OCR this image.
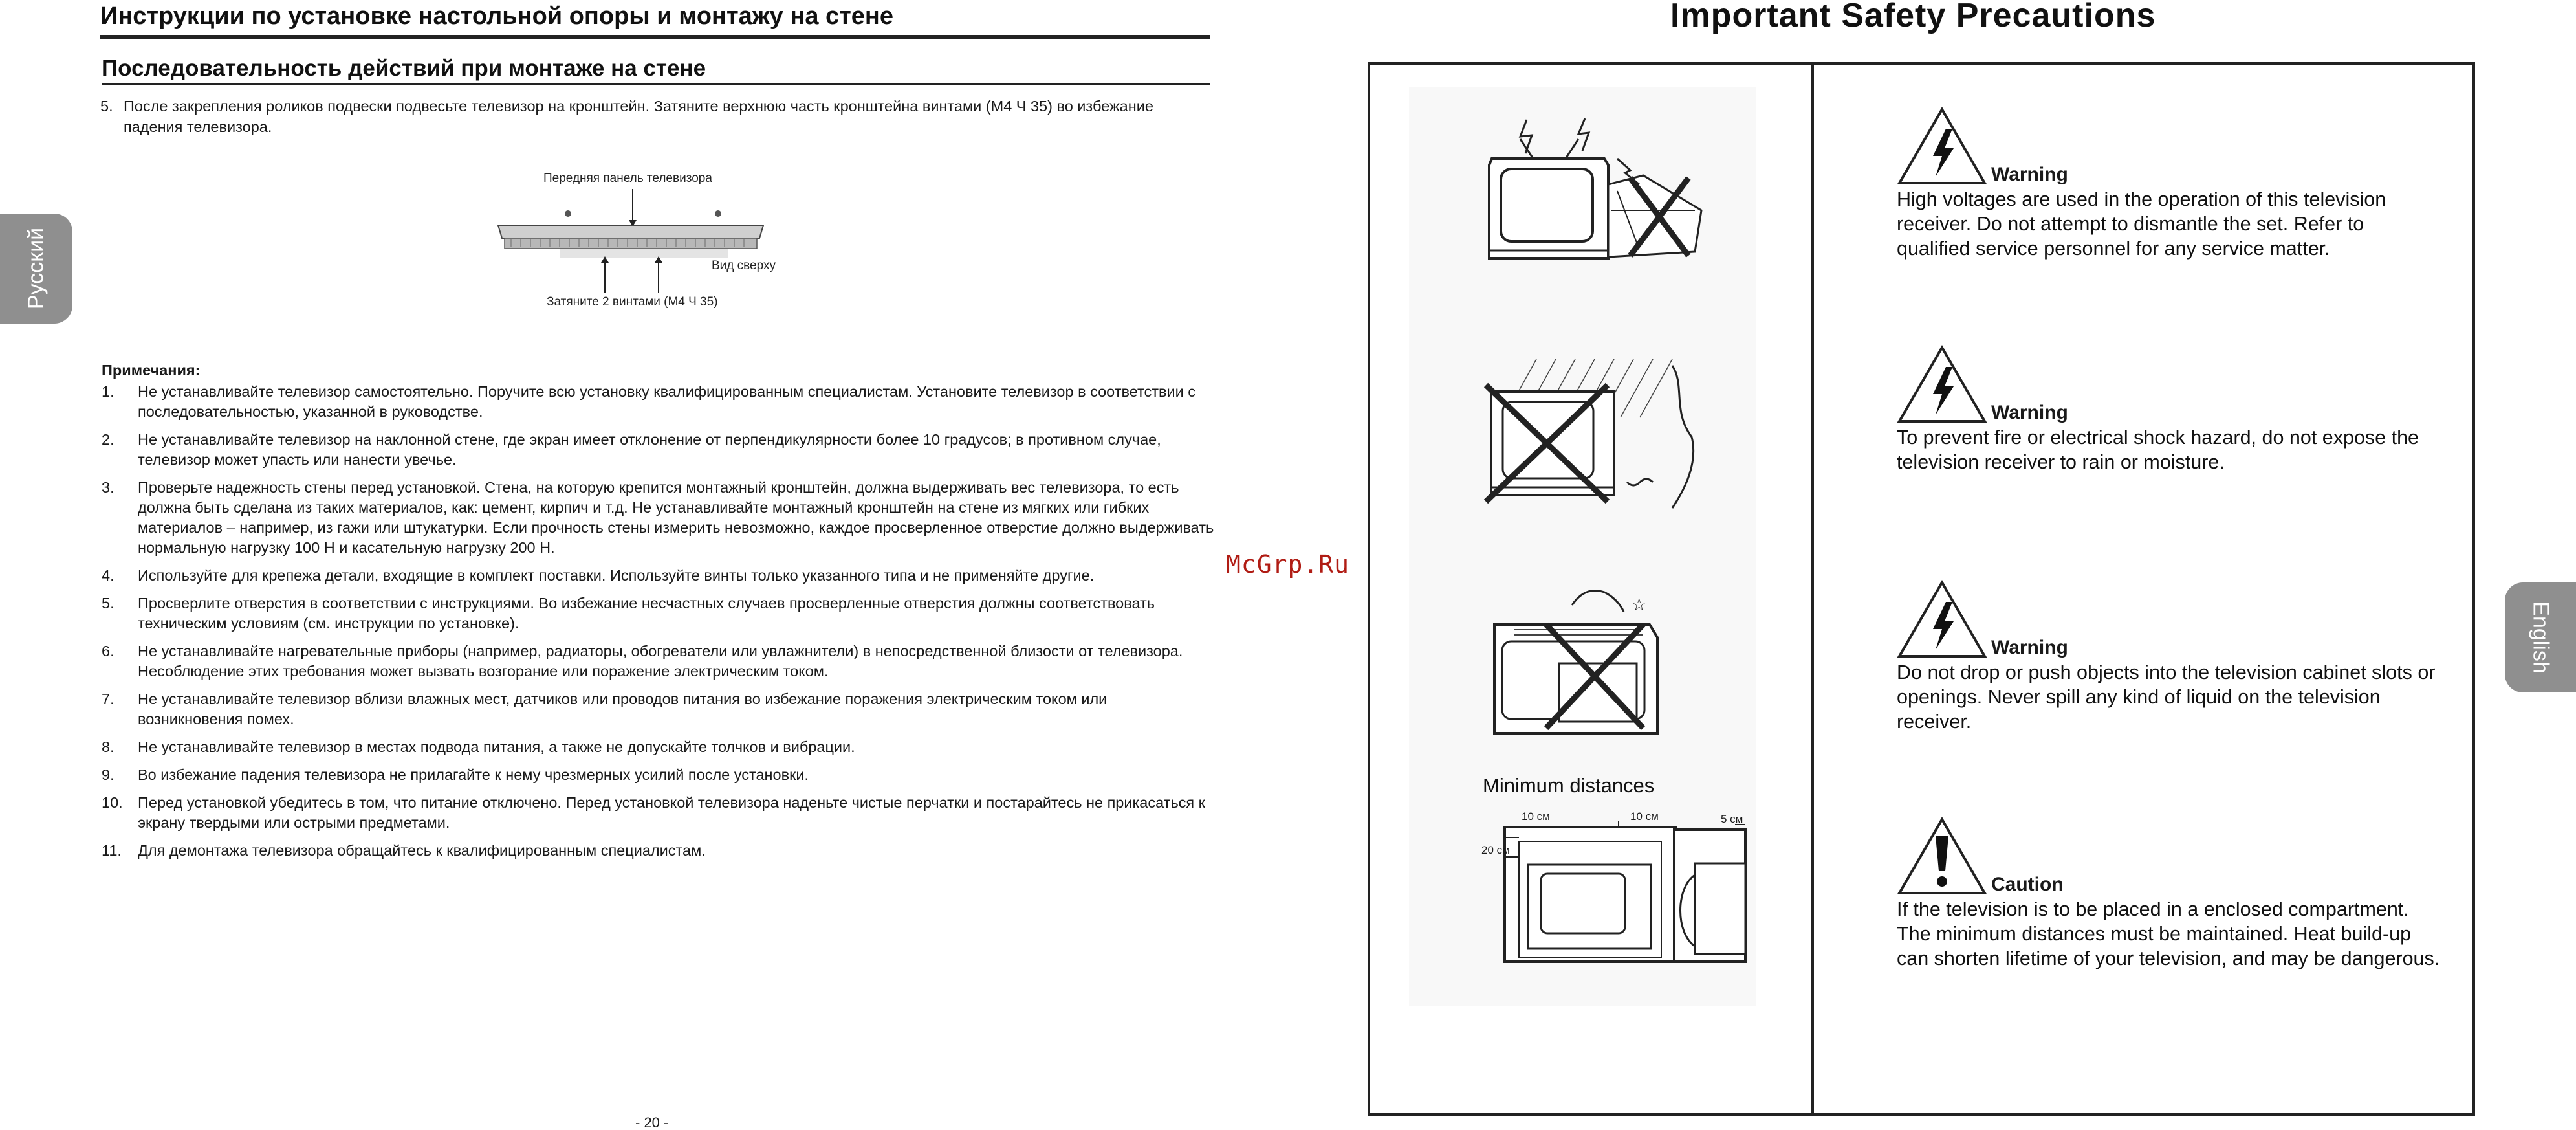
Инструкции по установке настольной опоры и монтажу на стене
Последовательность действий при монтаже на стене
5. После закрепления роликов подвески подвесьте телевизор на кронштейн. Затяните верхнюю часть кронштейна винтами (M4 Ч 35) во избежание падения телевизора.
Передняя панель телевизора
Вид сверху
Затяните 2 винтами (M4 Ч 35)
Примечания:
1. Не устанавливайте телевизор самостоятельно. Поручите всю установку квалифицированным специалистам. Установите телевизор в соответствии с последовательностью, указанной в руководстве.
2. Не устанавливайте телевизор на наклонной стене, где экран имеет отклонение от перпендикулярности более 10 градусов; в противном случае, телевизор может упасть или нанести увечье.
3. Проверьте надежность стены перед установкой. Стена, на которую крепится монтажный кронштейн, должна выдерживать вес телевизора, то есть должна быть сделана из таких материалов, как: цемент, кирпич и т.д. Не устанавливайте монтажный кронштейн на стене из мягких или гибких материалов – например, из гажи или штукатурки. Если прочность стены измерить невозможно, каждое просверленное отверстие должно выдерживать нормальную нагрузку 100 Н и касательную нагрузку 200 Н.
4. Используйте для крепежа детали, входящие в комплект поставки. Используйте винты только указанного типа и не применяйте другие.
5. Просверлите отверстия в соответствии с инструкциями. Во избежание несчастных случаев просверленные отверстия должны соответствовать техническим условиям (см. инструкции по установке).
6. Не устанавливайте нагревательные приборы (например, радиаторы, обогреватели или увлажнители) в непосредственной близости от телевизора. Несоблюдение этих требования может вызвать возгорание или поражение электрическим током.
7. Не устанавливайте телевизор вблизи влажных мест, датчиков или проводов питания во избежание поражения электрическим током или возникновения помех.
8. Не устанавливайте телевизор в местах подвода питания, а также не допускайте толчков и вибрации.
9. Во избежание падения телевизора не прилагайте к нему чрезмерных усилий после установки.
10. Перед установкой убедитесь в том, что питание отключено. Перед установкой телевизора наденьте чистые перчатки и постарайтесь не прикасаться к экрану твердыми или острыми предметами.
11. Для демонтажа телевизора обращайтесь к квалифицированным специалистам.
- 20 -
Русский
McGrp.Ru
Important Safety Precautions
☆
Minimum distances
10 см	10 см
20 см
5 см
Warning
High voltages are used in the operation of this television receiver. Do not attempt to dismantle the set. Refer to qualified service personnel for any service matter.
Warning
To prevent fire or electrical shock hazard, do not expose the television receiver to rain or moisture.
Warning
Do not drop or push objects into the television cabinet slots or openings. Never spill any kind of liquid on the television receiver.
Caution
If the television is to be placed in a enclosed compartment. The minimum distances must be maintained. Heat build-up can shorten lifetime of your television, and may be dangerous.
English
